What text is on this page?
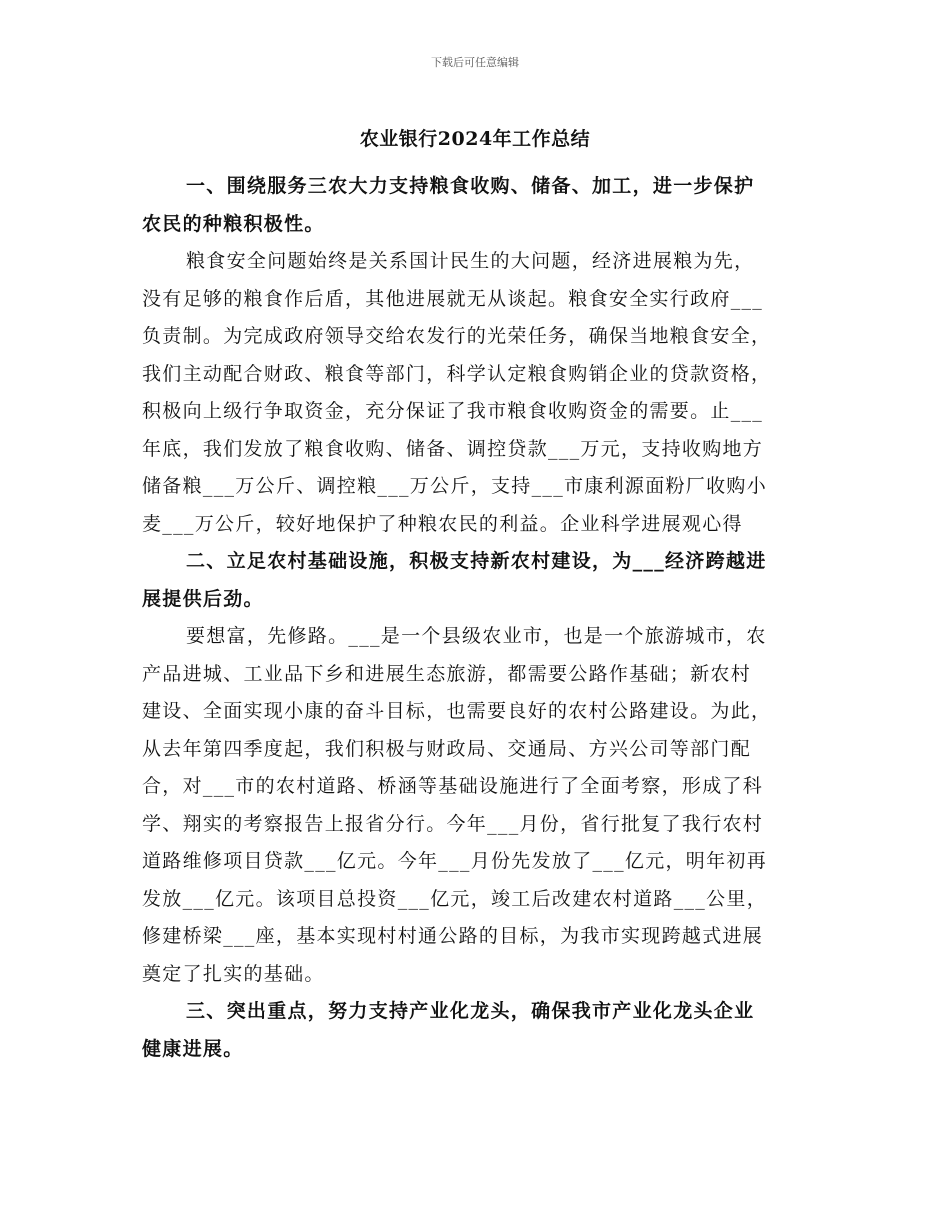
下载后可任意编辑
农业银行2024年工作总结
一、围绕服务三农大力支持粮食收购、储备、加工，进一步保护
农民的种粮积极性。
粮食安全问题始终是关系国计民生的大问题，经济进展粮为先，
没有足够的粮食作后盾，其他进展就无从谈起。粮食安全实行政府___
负责制。为完成政府领导交给农发行的光荣任务，确保当地粮食安全，
我们主动配合财政、粮食等部门，科学认定粮食购销企业的贷款资格，
积极向上级行争取资金，充分保证了我市粮食收购资金的需要。止___
年底，我们发放了粮食收购、储备、调控贷款___万元，支持收购地方
储备粮___万公斤、调控粮___万公斤，支持___市康利源面粉厂收购小
麦___万公斤，较好地保护了种粮农民的利益。企业科学进展观心得
二、立足农村基础设施，积极支持新农村建设，为___经济跨越进
展提供后劲。
要想富，先修路。___是一个县级农业市，也是一个旅游城市，农
产品进城、工业品下乡和进展生态旅游，都需要公路作基础；新农村
建设、全面实现小康的奋斗目标，也需要良好的农村公路建设。为此，
从去年第四季度起，我们积极与财政局、交通局、方兴公司等部门配
合，对___市的农村道路、桥涵等基础设施进行了全面考察，形成了科
学、翔实的考察报告上报省分行。今年___月份，省行批复了我行农村
道路维修项目贷款___亿元。今年___月份先发放了___亿元，明年初再
发放___亿元。该项目总投资___亿元，竣工后改建农村道路___公里，
修建桥梁___座，基本实现村村通公路的目标，为我市实现跨越式进展
奠定了扎实的基础。
三、突出重点，努力支持产业化龙头，确保我市产业化龙头企业
健康进展。
